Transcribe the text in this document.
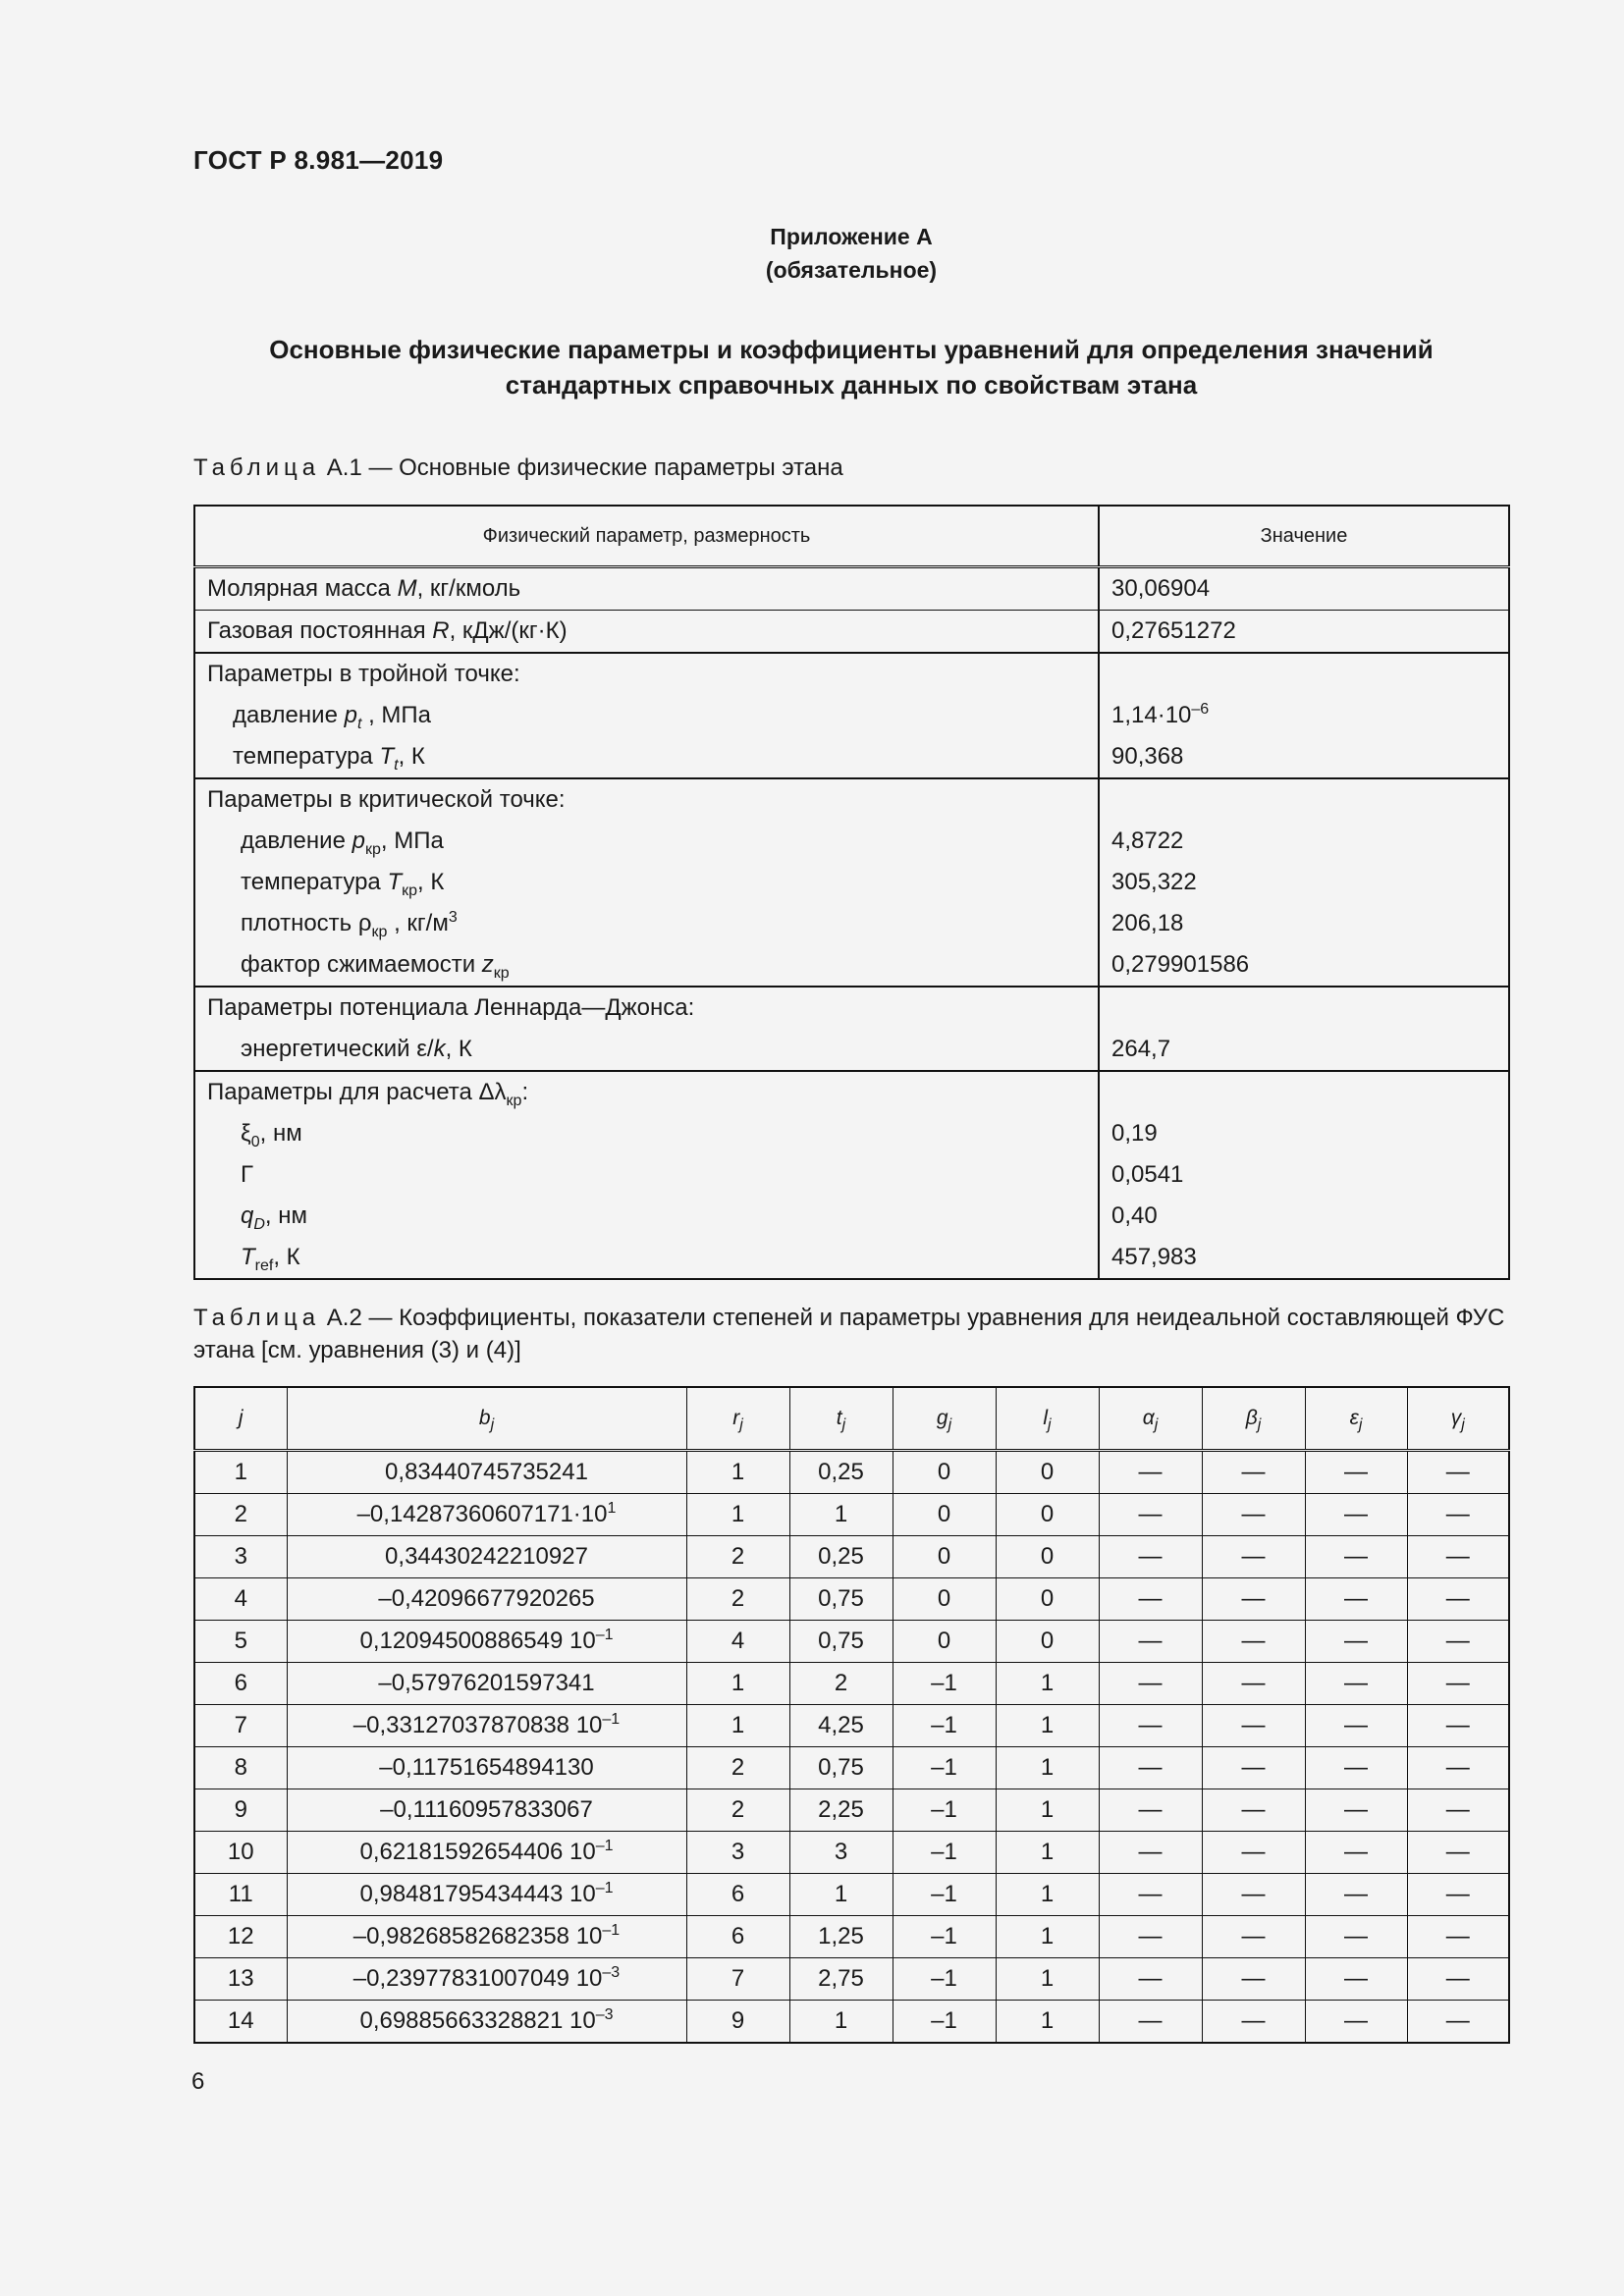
ГОСТ Р 8.981—2019
Приложение А
(обязательное)
Основные физические параметры и коэффициенты уравнений для определения значений
стандартных справочных данных по свойствам этана
Таблица А.1 — Основные физические параметры этана
Физический параметр, размерность	Значение
Молярная масса M, кг/кмоль	30,06904
Газовая постоянная R, кДж/(кг·К)	0,27651272
Параметры в тройной точке:	
давление $p_t$ , МПа	$1,14\cdot 10^{-6}$
температура $T_t$, К	90,368
Параметры в критической точке:	
давление $p_{кр}$, МПа	4,8722
температура $T_{кр}$, К	305,322
плотность $\rho_{кр}$ , $кг/м^3$	206,18
фактор сжимаемости $z_{кр}$	0,279901586
Параметры потенциала Леннарда—Джонса:	
энергетический ε/k, К	264,7
Параметры для расчета $\Delta\lambda_{кр}$:	
$\xi_0$, нм	0,19
Г	0,0541
$q_D$, нм	0,40
$T_{ref}$, К	457,983
Таблица А.2 — Коэффициенты, показатели степеней и параметры уравнения для неидеальной составляющей ФУС этана [см. уравнения (3) и (4)]
j	$b_j$	$r_j$	$t_j$	$g_j$	$l_j$	$\alpha_j$	$\beta_j$	$\varepsilon_j$	$\gamma_j$
1	0,83440745735241	1	0,25	0	0	—	—	—	—
2	$-0,14287360607171\cdot 10^1$	1	1	0	0	—	—	—	—
3	0,34430242210927	2	0,25	0	0	—	—	—	—
4	–0,42096677920265	2	0,75	0	0	—	—	—	—
5	0,12094500886549 $10^{-1}$	4	0,75	0	0	—	—	—	—
6	–0,57976201597341	1	2	–1	1	—	—	—	—
7	–0,33127037870838 $10^{-1}$	1	4,25	–1	1	—	—	—	—
8	–0,11751654894130	2	0,75	–1	1	—	—	—	—
9	–0,11160957833067	2	2,25	–1	1	—	—	—	—
10	0,62181592654406 $10^{-1}$	3	3	–1	1	—	—	—	—
11	0,98481795434443 $10^{-1}$	6	1	–1	1	—	—	—	—
12	–0,98268582682358 $10^{-1}$	6	1,25	–1	1	—	—	—	—
13	–0,23977831007049 $10^{-3}$	7	2,75	–1	1	—	—	—	—
14	0,69885663328821 $10^{-3}$	9	1	–1	1	—	—	—	—
6
